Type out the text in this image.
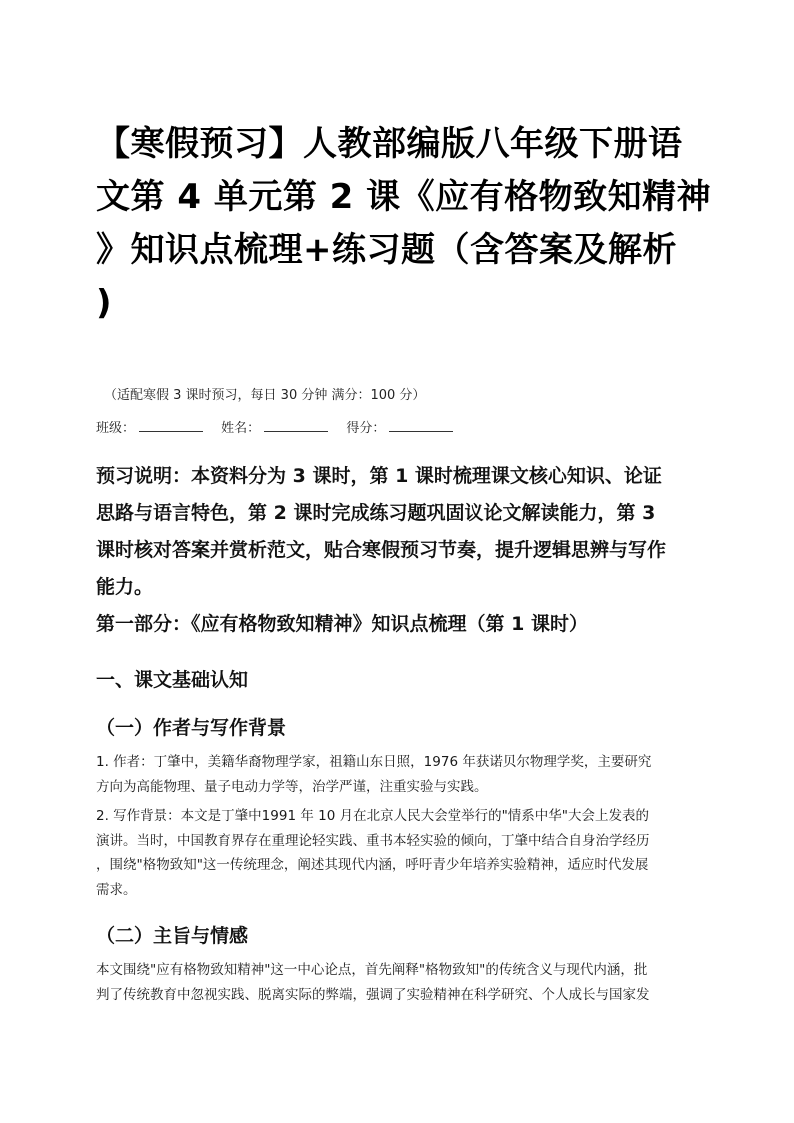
【寒假预习】人教部编版八年级下册语
文第 4 单元第 2 课《应有格物致知精神
》知识点梳理+练习题（含答案及解析
)
（适配寒假 3 课时预习，每日 30 分钟 满分：100 分）
班级：	姓名：	得分：

预习说明：本资料分为 3 课时，第 1 课时梳理课文核心知识、论证
思路与语言特色，第 2 课时完成练习题巩固议论文解读能力，第 3
课时核对答案并赏析范文，贴合寒假预习节奏，提升逻辑思辨与写作
能力。

第一部分：《应有格物致知精神》知识点梳理（第 1 课时）
一、课文基础认知
（一）作者与写作背景

1. 作者：丁肇中，美籍华裔物理学家，祖籍山东日照，1976 年获诺贝尔物理学奖，主要研究
方向为高能物理、量子电动力学等，治学严谨，注重实验与实践。

2. 写作背景：本文是丁肇中1991 年 10 月在北京人民大会堂举行的"情系中华"大会上发表的
演讲。当时，中国教育界存在重理论轻实践、重书本轻实验的倾向，丁肇中结合自身治学经历
，围绕"格物致知"这一传统理念，阐述其现代内涵，呼吁青少年培养实验精神，适应时代发展
需求。

（二）主旨与情感

本文围绕"应有格物致知精神"这一中心论点，首先阐释"格物致知"的传统含义与现代内涵，批
判了传统教育中忽视实践、脱离实际的弊端，强调了实验精神在科学研究、个人成长与国家发
